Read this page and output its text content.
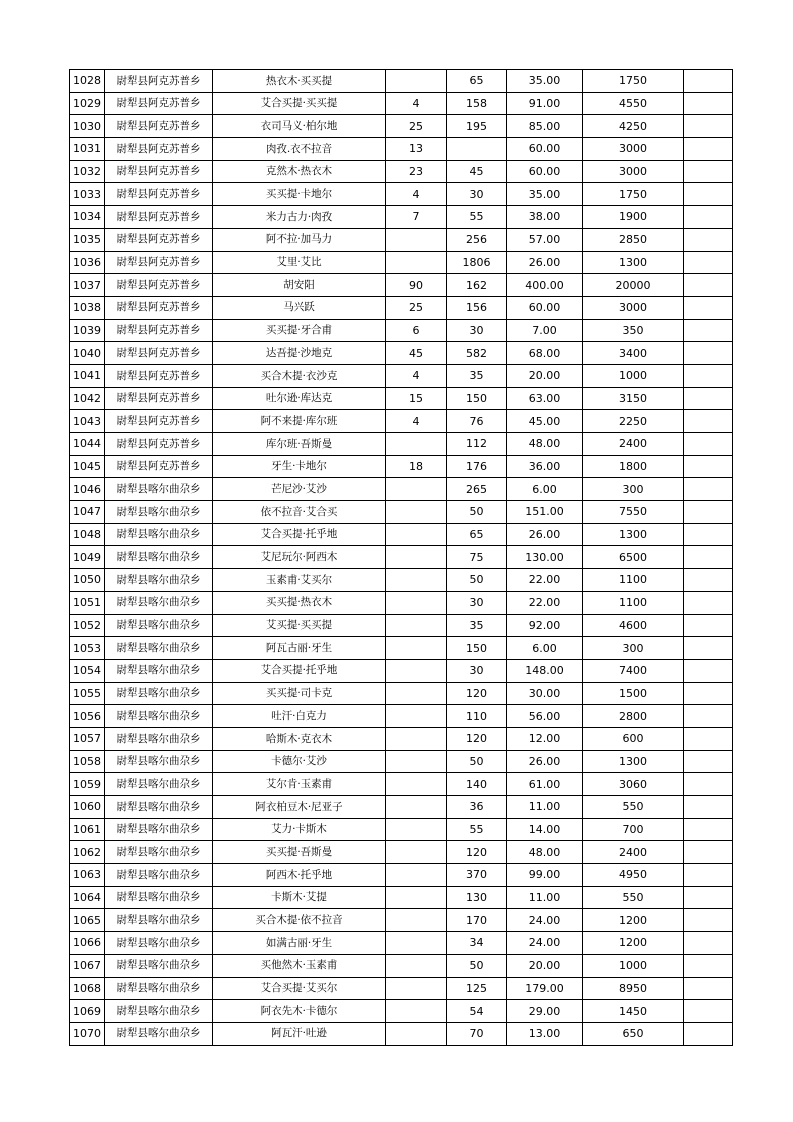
1028	尉犁县阿克苏普乡	热衣木·买买提		65	35.00	1750	
1029	尉犁县阿克苏普乡	艾合买提·买买提	4	158	91.00	4550	
1030	尉犁县阿克苏普乡	衣司马义·柏尔地	25	195	85.00	4250	
1031	尉犁县阿克苏普乡	肉孜.衣不拉音	13		60.00	3000	
1032	尉犁县阿克苏普乡	克然木·热衣木	23	45	60.00	3000	
1033	尉犁县阿克苏普乡	买买提·卡地尔	4	30	35.00	1750	
1034	尉犁县阿克苏普乡	米力古力·肉孜	7	55	38.00	1900	
1035	尉犁县阿克苏普乡	阿不拉·加马力		256	57.00	2850	
1036	尉犁县阿克苏普乡	艾里·艾比		1806	26.00	1300	
1037	尉犁县阿克苏普乡	胡安阳	90	162	400.00	20000	
1038	尉犁县阿克苏普乡	马兴跃	25	156	60.00	3000	
1039	尉犁县阿克苏普乡	买买提·牙合甫	6	30	7.00	350	
1040	尉犁县阿克苏普乡	达吾提·沙地克	45	582	68.00	3400	
1041	尉犁县阿克苏普乡	买合木提·衣沙克	4	35	20.00	1000	
1042	尉犁县阿克苏普乡	吐尔逊·库达克	15	150	63.00	3150	
1043	尉犁县阿克苏普乡	阿不来提·库尔班	4	76	45.00	2250	
1044	尉犁县阿克苏普乡	库尔班·吾斯曼		112	48.00	2400	
1045	尉犁县阿克苏普乡	牙生·卡地尔	18	176	36.00	1800	
1046	尉犁县喀尔曲尕乡	芒尼沙·艾沙		265	6.00	300	
1047	尉犁县喀尔曲尕乡	依不拉音·艾合买		50	151.00	7550	
1048	尉犁县喀尔曲尕乡	艾合买提·托乎地		65	26.00	1300	
1049	尉犁县喀尔曲尕乡	艾尼玩尔·阿西木		75	130.00	6500	
1050	尉犁县喀尔曲尕乡	玉素甫·艾买尔		50	22.00	1100	
1051	尉犁县喀尔曲尕乡	买买提·热衣木		30	22.00	1100	
1052	尉犁县喀尔曲尕乡	艾买提·买买提		35	92.00	4600	
1053	尉犁县喀尔曲尕乡	阿瓦古丽·牙生		150	6.00	300	
1054	尉犁县喀尔曲尕乡	艾合买提·托乎地		30	148.00	7400	
1055	尉犁县喀尔曲尕乡	买买提·司卡克		120	30.00	1500	
1056	尉犁县喀尔曲尕乡	吐汗·白克力		110	56.00	2800	
1057	尉犁县喀尔曲尕乡	哈斯木·克衣木		120	12.00	600	
1058	尉犁县喀尔曲尕乡	卡德尔·艾沙		50	26.00	1300	
1059	尉犁县喀尔曲尕乡	艾尔肯·玉素甫		140	61.00	3060	
1060	尉犁县喀尔曲尕乡	阿衣柏豆木·尼亚子		36	11.00	550	
1061	尉犁县喀尔曲尕乡	艾力·卡斯木		55	14.00	700	
1062	尉犁县喀尔曲尕乡	买买提·吾斯曼		120	48.00	2400	
1063	尉犁县喀尔曲尕乡	阿西木·托乎地		370	99.00	4950	
1064	尉犁县喀尔曲尕乡	卡斯木·艾提		130	11.00	550	
1065	尉犁县喀尔曲尕乡	买合木提·依不拉音		170	24.00	1200	
1066	尉犁县喀尔曲尕乡	如满古丽·牙生		34	24.00	1200	
1067	尉犁县喀尔曲尕乡	买他然木·玉素甫		50	20.00	1000	
1068	尉犁县喀尔曲尕乡	艾合买提·艾买尔		125	179.00	8950	
1069	尉犁县喀尔曲尕乡	阿衣先木·卡德尔		54	29.00	1450	
1070	尉犁县喀尔曲尕乡	阿瓦汗·吐逊		70	13.00	650	
